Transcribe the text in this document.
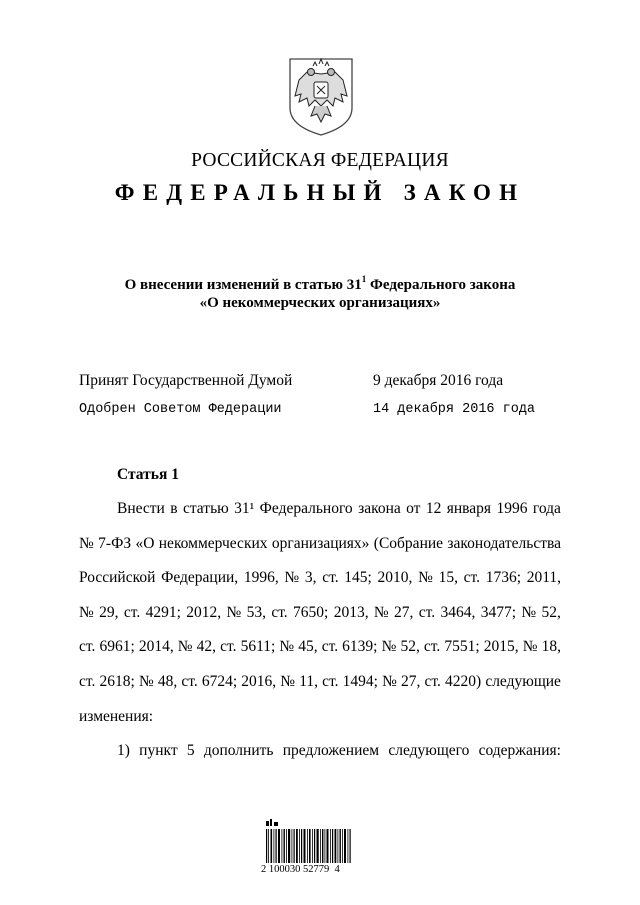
РОССИЙСКАЯ ФЕДЕРАЦИЯ
ФЕДЕРАЛЬНЫЙ ЗАКОН
О внесении изменений в статью $31^1$ Федерального закона
«О некоммерческих организациях»
Принят Государственной Думой	9 декабря 2016 года
Одобрен Советом Федерации	14 декабря 2016 года
Статья 1
Внести в статью 31¹ Федерального закона от 12 января 1996 года
№ 7-ФЗ «О некоммерческих организациях» (Собрание законодательства
Российской Федерации, 1996, № 3, ст. 145; 2010, № 15, ст. 1736; 2011,
№ 29, ст. 4291; 2012, № 53, ст. 7650; 2013, № 27, ст. 3464, 3477; № 52,
ст. 6961; 2014, № 42, ст. 5611; № 45, ст. 6139; № 52, ст. 7551; 2015, № 18,
ст. 2618; № 48, ст. 6724; 2016, № 11, ст. 1494; № 27, ст. 4220) следующие
изменения:
1) пункт 5 дополнить предложением следующего содержания:
2 100030 52779  4
